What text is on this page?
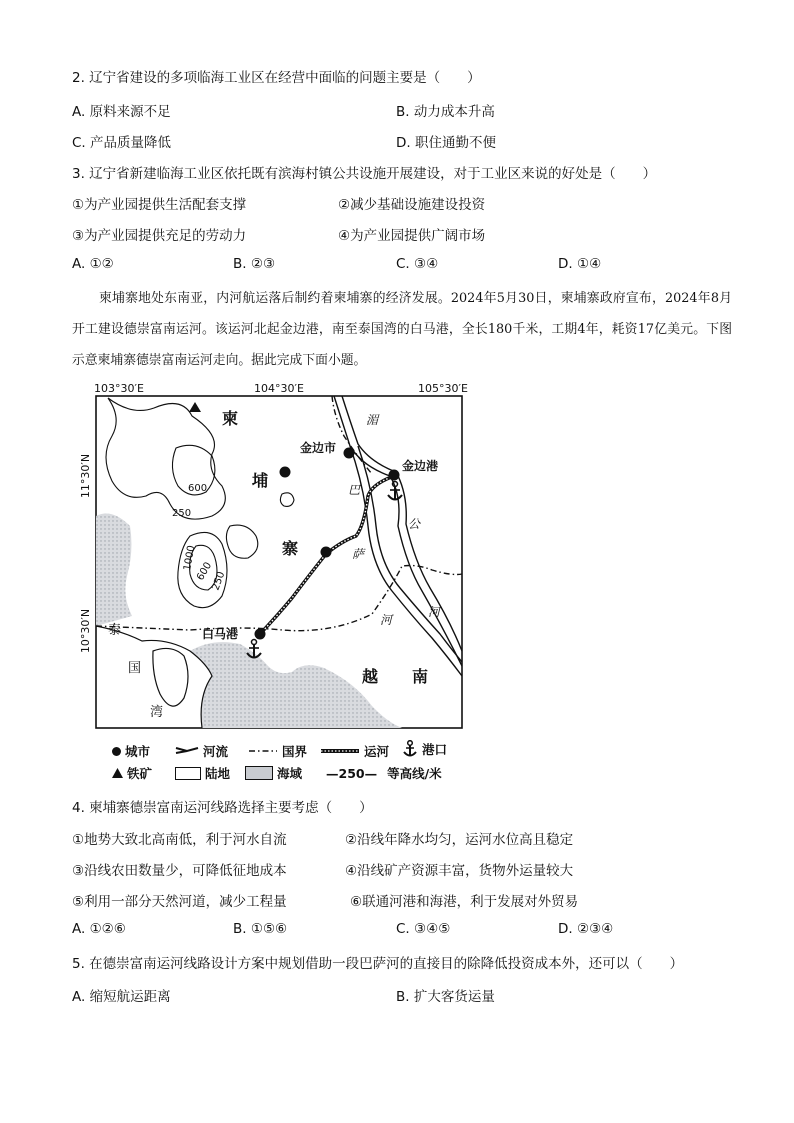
2. 辽宁省建设的多项临海工业区在经营中面临的问题主要是（　　）
A. 原料来源不足	B. 动力成本升高
C. 产品质量降低	D. 职住通勤不便
3. 辽宁省新建临海工业区依托既有滨海村镇公共设施开展建设，对于工业区来说的好处是（　　）
①为产业园提供生活配套支撑	②减少基础设施建设投资
③为产业园提供充足的劳动力	④为产业园提供广阔市场
A. ①②	B. ②③	C. ③④	D. ①④
柬埔寨地处东南亚，内河航运落后制约着柬埔寨的经济发展。2024年5月30日，柬埔寨政府宣布，2024年8月开工建设德崇富南运河。该运河北起金边港，南至泰国湾的白马港，全长180千米，工期4年，耗资17亿美元。下图示意柬埔寨德崇富南运河走向。据此完成下面小题。
103°30′E	104°30′E	105°30′E
11°30′N
10°30′N
600
250
600
250
1000
柬
埔
寨
越 南
泰
国
湾
金边市
金边港
白马港
湄
公
河
巴
萨
河
城市	河流	国界	运河	港口
铁矿	陆地	海域 —250— 等高线/米
4. 柬埔寨德崇富南运河线路选择主要考虑（　　）
①地势大致北高南低，利于河水自流	②沿线年降水均匀，运河水位高且稳定
③沿线农田数量少，可降低征地成本	④沿线矿产资源丰富，货物外运量较大
⑤利用一部分天然河道，减少工程量	⑥联通河港和海港，利于发展对外贸易
A. ①②⑥	B. ①⑤⑥	C. ③④⑤	D. ②③④
5. 在德崇富南运河线路设计方案中规划借助一段巴萨河的直接目的除降低投资成本外，还可以（　　）
A. 缩短航运距离	B. 扩大客货运量
